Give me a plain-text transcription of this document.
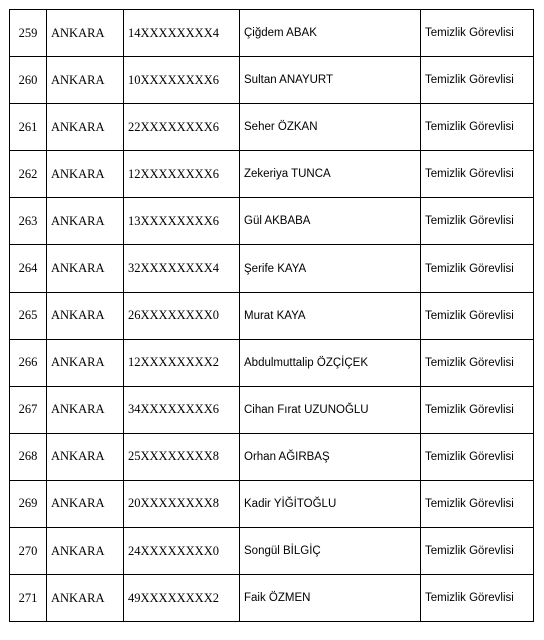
259	ANKARA	14XXXXXXXX4	Çiğdem ABAK	Temizlik Görevlisi
260	ANKARA	10XXXXXXXX6	Sultan ANAYURT	Temizlik Görevlisi
261	ANKARA	22XXXXXXXX6	Seher ÖZKAN	Temizlik Görevlisi
262	ANKARA	12XXXXXXXX6	Zekeriya TUNCA	Temizlik Görevlisi
263	ANKARA	13XXXXXXXX6	Gül AKBABA	Temizlik Görevlisi
264	ANKARA	32XXXXXXXX4	Şerife KAYA	Temizlik Görevlisi
265	ANKARA	26XXXXXXXX0	Murat KAYA	Temizlik Görevlisi
266	ANKARA	12XXXXXXXX2	Abdulmuttalip ÖZÇİÇEK	Temizlik Görevlisi
267	ANKARA	34XXXXXXXX6	Cihan Fırat UZUNOĞLU	Temizlik Görevlisi
268	ANKARA	25XXXXXXXX8	Orhan AĞIRBAŞ	Temizlik Görevlisi
269	ANKARA	20XXXXXXXX8	Kadir YİĞİTOĞLU	Temizlik Görevlisi
270	ANKARA	24XXXXXXXX0	Songül BİLGİÇ	Temizlik Görevlisi
271	ANKARA	49XXXXXXXX2	Faik ÖZMEN	Temizlik Görevlisi
